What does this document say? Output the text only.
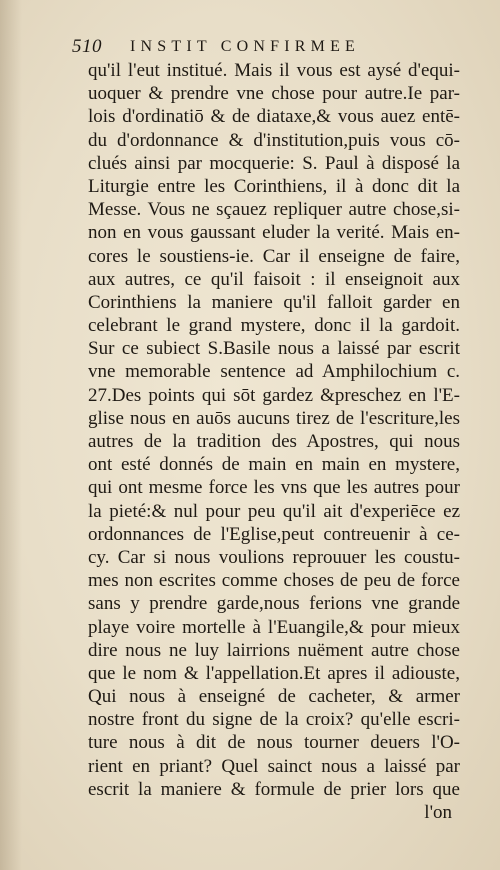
510 INSTIT CONFIRMEE
qu'il l'eut institué. Mais il vous est aysé d'equi-
uoquer & prendre vne chose pour autre.Ie par-
lois d'ordinatiō & de diataxe,& vous auez entē-
du d'ordonnance & d'institution,puis vous cō-
clués ainsi par mocquerie: S. Paul à disposé la
Liturgie entre les Corinthiens, il à donc dit la
Messe. Vous ne sçauez repliquer autre chose,si-
non en vous gaussant eluder la verité. Mais en-
cores le soustiens-ie. Car il enseigne de faire,
aux autres, ce qu'il faisoit : il enseignoit aux
Corinthiens la maniere qu'il falloit garder en
celebrant le grand mystere, donc il la gardoit.
Sur ce subiect S.Basile nous a laissé par escrit
vne memorable sentence ad Amphilochium c.
27.Des points qui sōt gardez &preschez en l'E-
glise nous en auōs aucuns tirez de l'escriture,les
autres de la tradition des Apostres, qui nous
ont esté donnés de main en main en mystere,
qui ont mesme force les vns que les autres pour
la pieté:& nul pour peu qu'il ait d'experiēce ez
ordonnances de l'Eglise,peut contreuenir à ce-
cy. Car si nous voulions reprouuer les coustu-
mes non escrites comme choses de peu de force
sans y prendre garde,nous ferions vne grande
playe voire mortelle à l'Euangile,& pour mieux
dire nous ne luy lairrions nuëment autre chose
que le nom & l'appellation.Et apres il adiouste,
Qui nous à enseigné de cacheter, & armer
nostre front du signe de la croix? qu'elle escri-
ture nous à dit de nous tourner deuers l'O-
rient en priant? Quel sainct nous a laissé par
escrit la maniere & formule de prier lors que
l'on
